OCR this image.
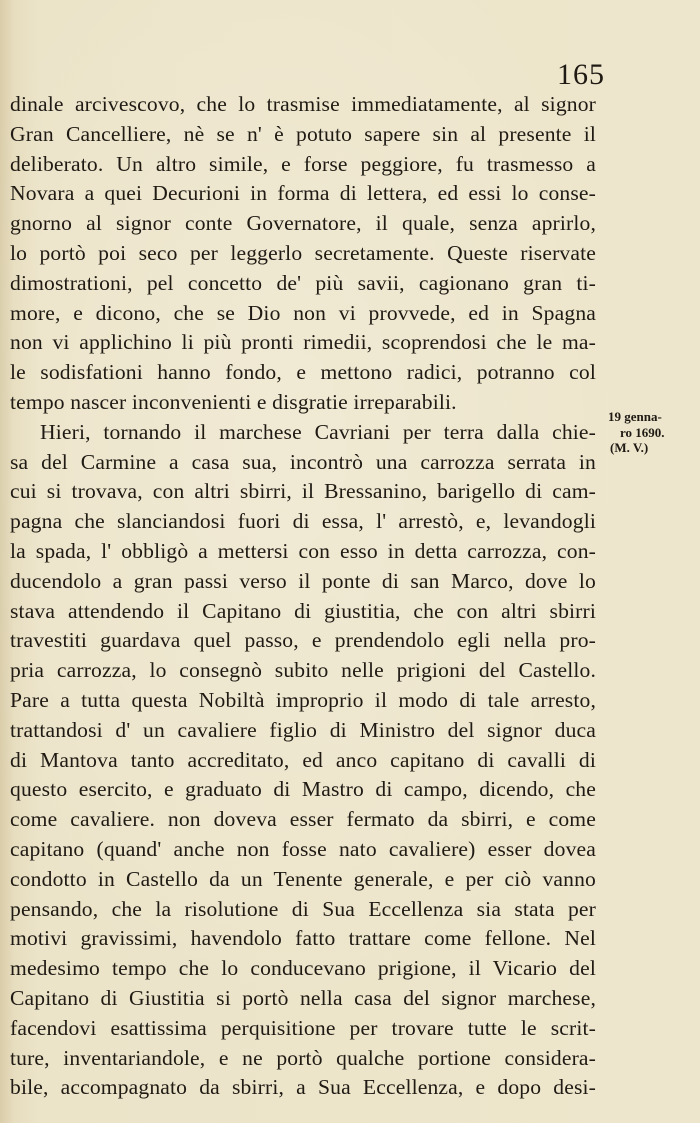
165
dinale arcivescovo, che lo trasmise immediatamente, al signor
Gran Cancelliere, nè se n' è potuto sapere sin al presente il
deliberato. Un altro simile, e forse peggiore, fu trasmesso a
Novara a quei Decurioni in forma di lettera, ed essi lo conse-
gnorno al signor conte Governatore, il quale, senza aprirlo,
lo portò poi seco per leggerlo secretamente. Queste riservate
dimostrationi, pel concetto de' più savii, cagionano gran ti-
more, e dicono, che se Dio non vi provvede, ed in Spagna
non vi applichino li più pronti rimedii, scoprendosi che le ma-
le sodisfationi hanno fondo, e mettono radici, potranno col
tempo nascer inconvenienti e disgratie irreparabili.
Hieri, tornando il marchese Cavriani per terra dalla chie-
sa del Carmine a casa sua, incontrò una carrozza serrata in
cui si trovava, con altri sbirri, il Bressanino, barigello di cam-
pagna che slanciandosi fuori di essa, l' arrestò, e, levandogli
la spada, l' obbligò a mettersi con esso in detta carrozza, con-
ducendolo a gran passi verso il ponte di san Marco, dove lo
stava attendendo il Capitano di giustitia, che con altri sbirri
travestiti guardava quel passo, e prendendolo egli nella pro-
pria carrozza, lo consegnò subito nelle prigioni del Castello.
Pare a tutta questa Nobiltà improprio il modo di tale arresto,
trattandosi d' un cavaliere figlio di Ministro del signor duca
di Mantova tanto accreditato, ed anco capitano di cavalli di
questo esercito, e graduato di Mastro di campo, dicendo, che
come cavaliere. non doveva esser fermato da sbirri, e come
capitano (quand' anche non fosse nato cavaliere) esser dovea
condotto in Castello da un Tenente generale, e per ciò vanno
pensando, che la risolutione di Sua Eccellenza sia stata per
motivi gravissimi, havendolo fatto trattare come fellone. Nel
medesimo tempo che lo conducevano prigione, il Vicario del
Capitano di Giustitia si portò nella casa del signor marchese,
facendovi esattissima perquisitione per trovare tutte le scrit-
ture, inventariandole, e ne portò qualche portione considera-
bile, accompagnato da sbirri, a Sua Eccellenza, e dopo desi-
19 genna-
ro 1690.
(M. V.)
